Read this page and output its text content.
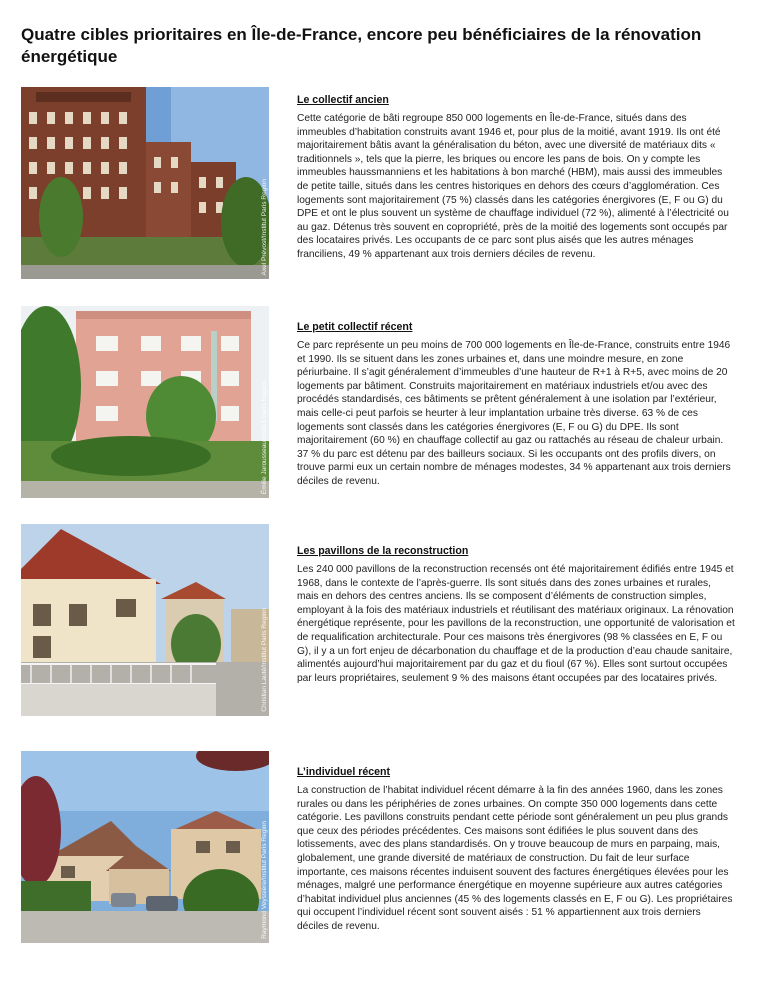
Quatre cibles prioritaires en Île-de-France, encore peu bénéficiaires de la rénovation énergétique
Axel Prévost/Institut Paris Region
Émilie Jarousseau/Institut Paris Region
Christian Lauté/Institut Paris Region
Raymond Veyssière/Institut Paris Region
Le collectif ancien

Cette catégorie de bâti regroupe 850 000 logements en Île-de-France, situés dans des immeubles d’habitation construits avant 1946 et, pour plus de la moitié, avant 1919. Ils ont été majoritairement bâtis avant la généralisation du béton, avec une diversité de matériaux dits « traditionnels », tels que la pierre, les briques ou encore les pans de bois. On y compte les immeubles haussmanniens et les habitations à bon marché (HBM), mais aussi des immeubles de petite taille, situés dans les centres historiques en dehors des cœurs d’agglomération. Ces logements sont majoritairement (75 %) classés dans les catégories énergivores (E, F ou G) du DPE et ont le plus souvent un système de chauffage individuel (72 %), alimenté à l’électricité ou au gaz. Détenus très souvent en copropriété, près de la moitié des logements sont occupés par des locataires privés. Les occupants de ce parc sont plus aisés que les autres ménages franciliens, 49 % appartenant aux trois derniers déciles de revenu.

Le petit collectif récent

Ce parc représente un peu moins de 700 000 logements en Île-de-France, construits entre 1946 et 1990. Ils se situent dans les zones urbaines et, dans une moindre mesure, en zone périurbaine. Il s’agit généralement d’immeubles d’une hauteur de R+1 à R+5, avec moins de 20 logements par bâtiment. Construits majoritairement en matériaux industriels et/ou avec des procédés standardisés, ces bâtiments se prêtent généralement à une isolation par l’extérieur, mais celle-ci peut parfois se heurter à leur implantation urbaine très diverse. 63 % de ces logements sont classés dans les catégories énergivores (E, F ou G) du DPE. Ils sont majoritairement (60 %) en chauffage collectif au gaz ou rattachés au réseau de chaleur urbain. 37 % du parc est détenu par des bailleurs sociaux. Si les occupants ont des profils divers, on trouve parmi eux un certain nombre de ménages modestes, 34 % appartenant aux trois derniers déciles de revenu.

Les pavillons de la reconstruction

Les 240 000 pavillons de la reconstruction recensés ont été majoritairement édifiés entre 1945 et 1968, dans le contexte de l’après-guerre. Ils sont situés dans des zones urbaines et rurales, mais en dehors des centres anciens. Ils se composent d’éléments de construction simples, employant à la fois des matériaux industriels et réutilisant des matériaux originaux. La rénovation énergétique représente, pour les pavillons de la reconstruction, une opportunité de valorisation et de requalification architecturale. Pour ces maisons très énergivores (98 % classées en E, F ou G), il y a un fort enjeu de décarbonation du chauffage et de la production d’eau chaude sanitaire, alimentés aujourd’hui majoritairement par du gaz et du fioul (67 %). Elles sont surtout occupées par leurs propriétaires, seulement 9 % des maisons étant occupées par des locataires privés.

L’individuel récent

La construction de l’habitat individuel récent démarre à la fin des années 1960, dans les zones rurales ou dans les périphéries de zones urbaines. On compte 350 000 logements dans cette catégorie. Les pavillons construits pendant cette période sont généralement un peu plus grands que ceux des périodes précédentes. Ces maisons sont édifiées le plus souvent dans des lotissements, avec des plans standardisés. On y trouve beaucoup de murs en parpaing, mais, globalement, une grande diversité de matériaux de construction. Du fait de leur surface importante, ces maisons récentes induisent souvent des factures énergétiques élevées pour les ménages, malgré une performance énergétique en moyenne supérieure aux autres catégories d’habitat individuel plus anciennes (45 % des logements classés en E, F ou G). Les propriétaires qui occupent l’individuel récent sont souvent aisés : 51 % appartiennent aux trois derniers déciles de revenu.
